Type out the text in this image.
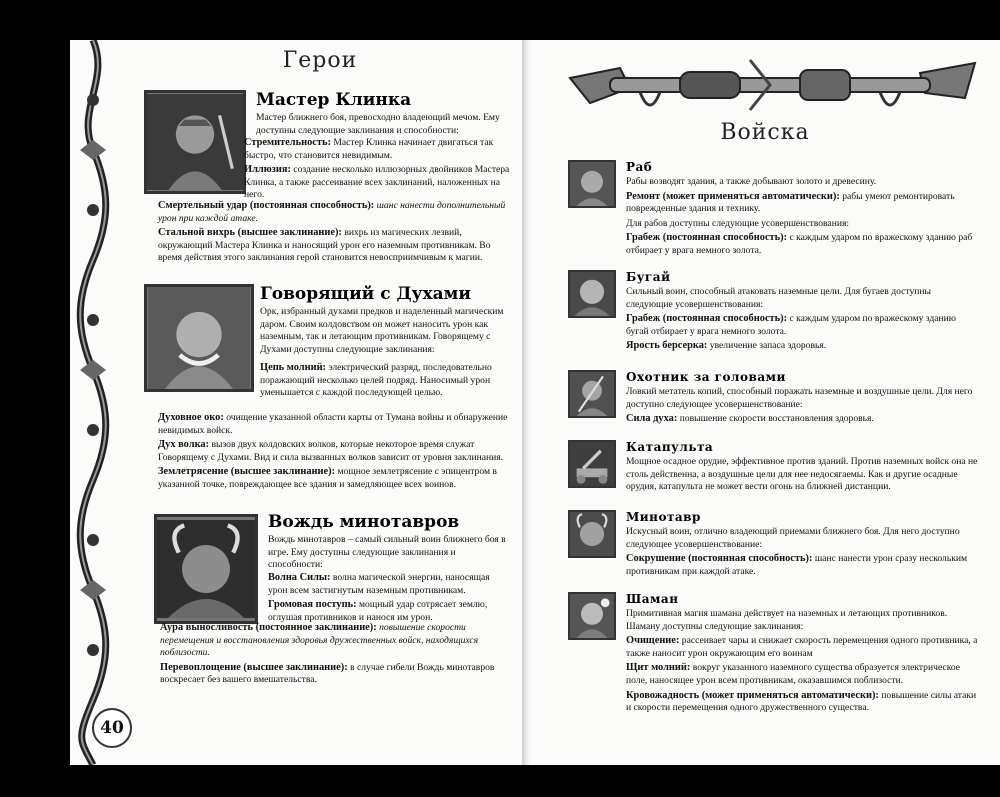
Герои
Мастер Клинка
Мастер ближнего боя, превосходно владеющий мечом. Ему доступны следующие заклинания и способности:
Стремительность: Мастер Клинка начинает двигаться так быстро, что становится невидимым.
Иллюзия: создание несколько иллюзорных двойников Мастера Клинка, а также рассеивание всех заклинаний, наложенных на него.
Смертельный удар (постоянная способность): шанс нанести дополнительный урон при каждой атаке.
Стальной вихрь (высшее заклинание): вихрь из магических лезвий, окружающий Мастера Клинка и наносящий урон его наземным противникам. Во время действия этого заклинания герой становится невосприимчивым к магии.
Говорящий с Духами
Орк, избранный духами предков и наделенный магическим даром. Своим колдовством он может наносить урон как наземным, так и летающим противникам. Говорящему с Духами доступны следующие заклинания:
Цепь молний: электрический разряд, последовательно поражающий несколько целей подряд. Наносимый урон уменьшается с каждой последующей целью.
Духовное око: очищение указанной области карты от Тумана войны и обнаружение невидимых войск.
Дух волка: вызов двух колдовских волков, которые некоторое время служат Говорящему с Духами. Вид и сила вызванных волков зависит от уровня заклинания.
Землетрясение (высшее заклинание): мощное землетрясение с эпицентром в указанной точке, повреждающее все здания и замедляющее всех воинов.
Вождь минотавров
Вождь минотавров – самый сильный воин ближнего боя в игре. Ему доступны следующие заклинания и способности:
Волна Силы: волна магической энергии, наносящая урон всем застигнутым наземным противникам.
Громовая поступь: мощный удар сотрясает землю, оглушая противников и нанося им урон.
Аура выносливость (постоянное заклинание): повышение скорости перемещения и восстановления здоровья дружественных войск, находящихся поблизости.
Перевоплощение (высшее заклинание): в случае гибели Вождь минотавров воскресает без вашего вмешательства.
40
Войска
Раб
Рабы возводят здания, а также добывают золото и древесину.
Ремонт (может применяться автоматически): рабы умеют ремонтировать поврежденные здания и технику.
Для рабов доступны следующие усовершенствования:
Грабеж (постоянная способность): с каждым ударом по вражескому зданию раб отбирает у врага немного золота.
Бугай
Сильный воин, способный атаковать наземные цели. Для бугаев доступны следующие усовершенствования:
Грабеж (постоянная способность): с каждым ударом по вражескому зданию бугай отбирает у врага немного золота.
Ярость берсерка: увеличение запаса здоровья.
Охотник за головами
Ловкий метатель копий, способный поражать наземные и воздушные цели. Для него доступно следующее усовершенствование:
Сила духа: повышение скорости восстановления здоровья.
Катапульта
Мощное осадное орудие, эффективное против зданий. Против наземных войск она не столь действенна, а воздушные цели для нее недосягаемы. Как и другие осадные орудия, катапульта не может вести огонь на ближней дистанции.
Минотавр
Искусный воин, отлично владеющий приемами ближнего боя. Для него доступно следующее усовершенствование:
Сокрушение (постоянная способность): шанс нанести урон сразу нескольким противникам при каждой атаке.
Шаман
Примитивная магия шамана действует на наземных и летающих противников. Шаману доступны следующие заклинания:
Очищение: рассеивает чары и снижает скорость перемещения одного противника, а также наносит урон окружающим его воинам
Щит молний: вокруг указанного наземного существа образуется электрическое поле, наносящее урон всем противникам, оказавшимся поблизости.
Кровожадность (может применяться автоматически): повышение силы атаки и скорости перемещения одного дружественного существа.
